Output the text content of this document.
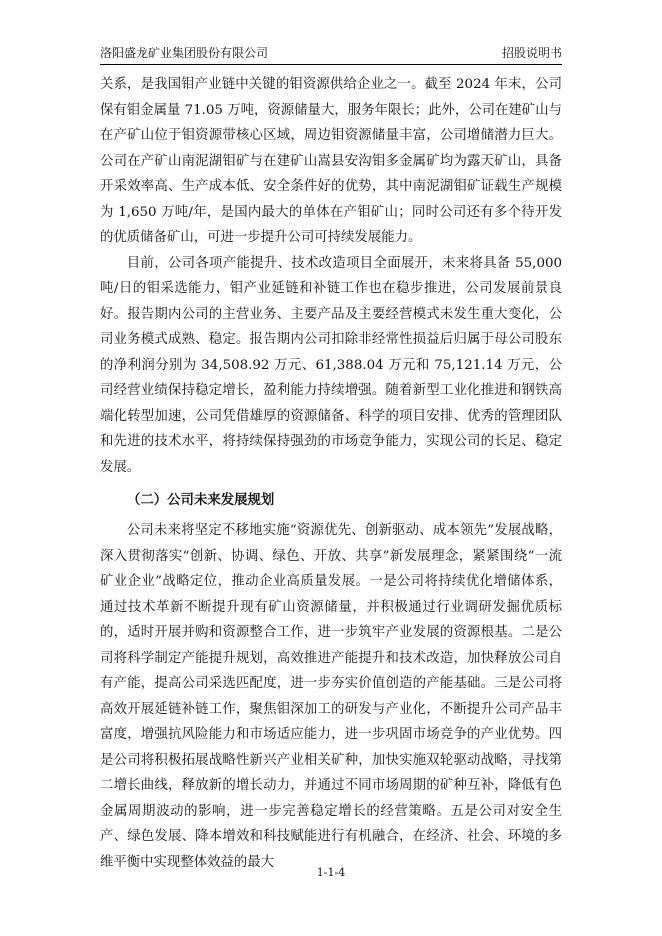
洛阳盛龙矿业集团股份有限公司	招股说明书

关系，是我国钼产业链中关键的钼资源供给企业之一。截至 2024 年末，公司保有钼金属量 71.05 万吨，资源储量大，服务年限长；此外，公司在建矿山与在产矿山位于钼资源带核心区域，周边钼资源储量丰富，公司增储潜力巨大。公司在产矿山南泥湖钼矿与在建矿山嵩县安沟钼多金属矿均为露天矿山，具备开采效率高、生产成本低、安全条件好的优势，其中南泥湖钼矿证载生产规模为 1,650 万吨/年，是国内最大的单体在产钼矿山；同时公司还有多个待开发的优质储备矿山，可进一步提升公司可持续发展能力。

目前，公司各项产能提升、技术改造项目全面展开，未来将具备 55,000 吨/日的钼采选能力，钼产业延链和补链工作也在稳步推进，公司发展前景良好。报告期内公司的主营业务、主要产品及主要经营模式未发生重大变化，公司业务模式成熟、稳定。报告期内公司扣除非经常性损益后归属于母公司股东的净利润分别为 34,508.92 万元、61,388.04 万元和 75,121.14 万元，公司经营业绩保持稳定增长，盈利能力持续增强。随着新型工业化推进和钢铁高端化转型加速，公司凭借雄厚的资源储备、科学的项目安排、优秀的管理团队和先进的技术水平，将持续保持强劲的市场竞争能力，实现公司的长足、稳定发展。

（二）公司未来发展规划

公司未来将坚定不移地实施“资源优先、创新驱动、成本领先”发展战略，深入贯彻落实“创新、协调、绿色、开放、共享”新发展理念，紧紧围绕“一流矿业企业”战略定位，推动企业高质量发展。一是公司将持续优化增储体系，通过技术革新不断提升现有矿山资源储量，并积极通过行业调研发掘优质标的，适时开展并购和资源整合工作，进一步筑牢产业发展的资源根基。二是公司将科学制定产能提升规划，高效推进产能提升和技术改造，加快释放公司自有产能，提高公司采选匹配度，进一步夯实价值创造的产能基础。三是公司将高效开展延链补链工作，聚焦钼深加工的研发与产业化，不断提升公司产品丰富度，增强抗风险能力和市场适应能力，进一步巩固市场竞争的产业优势。四是公司将积极拓展战略性新兴产业相关矿种，加快实施双轮驱动战略，寻找第二增长曲线，释放新的增长动力，并通过不同市场周期的矿种互补，降低有色金属周期波动的影响，进一步完善稳定增长的经营策略。五是公司对安全生产、绿色发展、降本增效和科技赋能进行有机融合，在经济、社会、环境的多维平衡中实现整体效益的最大

1-1-4
